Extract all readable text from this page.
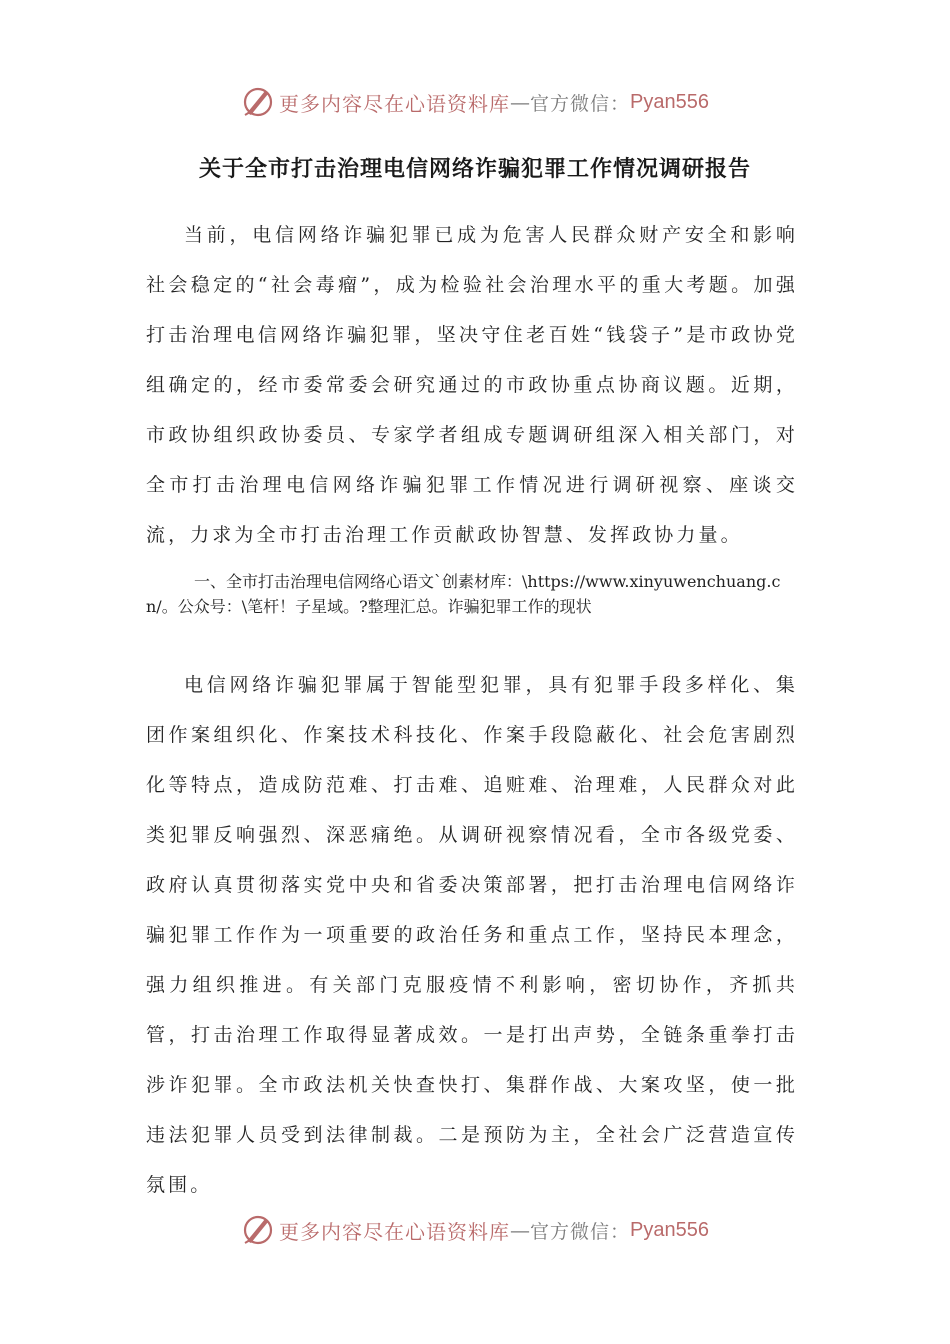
更多内容尽在心语资料库 — 官方微信： Pyan556
关于全市打击治理电信网络诈骗犯罪工作情况调研报告

当前，电信网络诈骗犯罪已成为危害人民群众财产安全和影响社会稳定的“社会毒瘤”，成为检验社会治理水平的重大考题。加强打击治理电信网络诈骗犯罪，坚决守住老百姓“钱袋子”是市政协党组确定的，经市委常委会研究通过的市政协重点协商议题。近期，市政协组织政协委员、专家学者组成专题调研组深入相关部门，对全市打击治理电信网络诈骗犯罪工作情况进行调研视察、座谈交流，力求为全市打击治理工作贡献政协智慧、发挥政协力量。

一、全市打击治理电信网络心语文`创素材库：\https://www.xinyuwenchuang.cn/。公众号：\笔杆！子星域。?整理汇总。诈骗犯罪工作的现状

电信网络诈骗犯罪属于智能型犯罪，具有犯罪手段多样化、集团作案组织化、作案技术科技化、作案手段隐蔽化、社会危害剧烈化等特点，造成防范难、打击难、追赃难、治理难，人民群众对此类犯罪反响强烈、深恶痛绝。从调研视察情况看，全市各级党委、政府认真贯彻落实党中央和省委决策部署，把打击治理电信网络诈骗犯罪工作作为一项重要的政治任务和重点工作，坚持民本理念，强力组织推进。有关部门克服疫情不利影响，密切协作，齐抓共管，打击治理工作取得显著成效。一是打出声势，全链条重拳打击涉诈犯罪。全市政法机关快查快打、集群作战、大案攻坚，使一批违法犯罪人员受到法律制裁。二是预防为主，全社会广泛营造宣传氛围。

更多内容尽在心语资料库 — 官方微信： Pyan556
